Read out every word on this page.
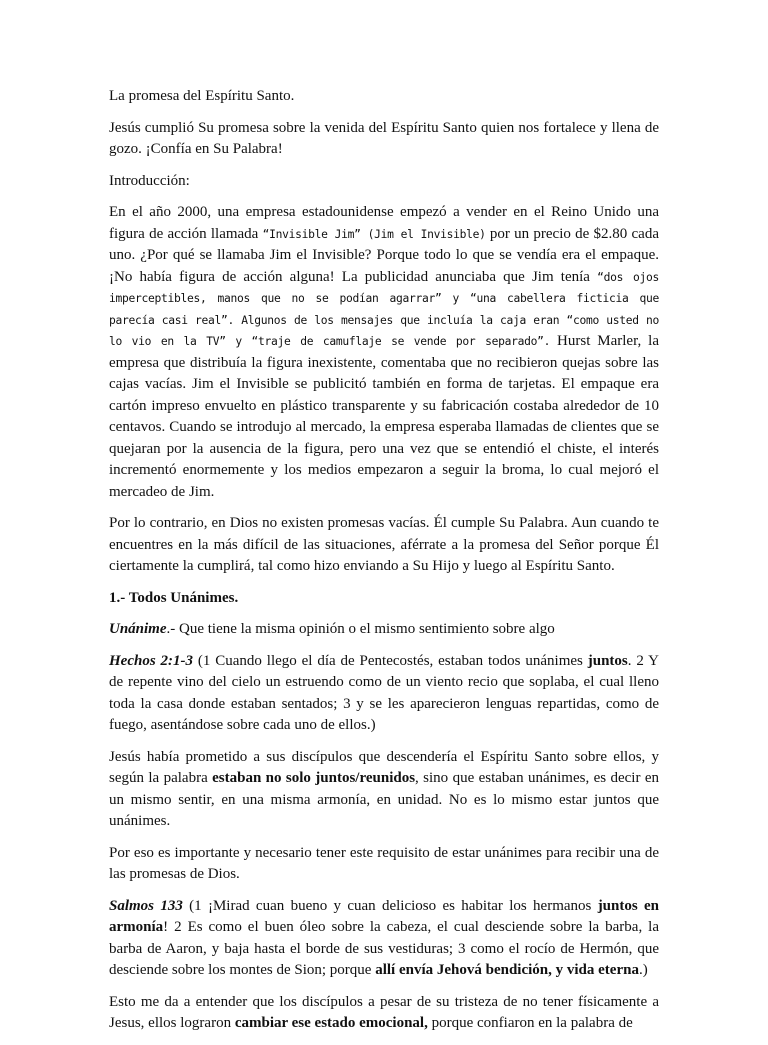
La promesa del Espíritu Santo.

Jesús cumplió Su promesa sobre la venida del Espíritu Santo quien nos fortalece y llena de gozo. ¡Confía en Su Palabra!

Introducción:

En el año 2000, una empresa estadounidense empezó a vender en el Reino Unido una figura de acción llamada “Invisible Jim” (Jim el Invisible) por un precio de $2.80 cada uno. ¿Por qué se llamaba Jim el Invisible? Porque todo lo que se vendía era el empaque. ¡No había figura de acción alguna! La publicidad anunciaba que Jim tenía “dos ojos imperceptibles, manos que no se podían agarrar” y “una cabellera ficticia que parecía casi real”. Algunos de los mensajes que incluía la caja eran “como usted no lo vio en la TV” y “traje de camuflaje se vende por separado”. Hurst Marler, la empresa que distribuía la figura inexistente, comentaba que no recibieron quejas sobre las cajas vacías. Jim el Invisible se publicitó también en forma de tarjetas. El empaque era cartón impreso envuelto en plástico transparente y su fabricación costaba alrededor de 10 centavos. Cuando se introdujo al mercado, la empresa esperaba llamadas de clientes que se quejaran por la ausencia de la figura, pero una vez que se entendió el chiste, el interés incrementó enormemente y los medios empezaron a seguir la broma, lo cual mejoró el mercadeo de Jim.

Por lo contrario, en Dios no existen promesas vacías. Él cumple Su Palabra. Aun cuando te encuentres en la más difícil de las situaciones, aférrate a la promesa del Señor porque Él ciertamente la cumplirá, tal como hizo enviando a Su Hijo y luego al Espíritu Santo.

1.- Todos Unánimes.

Unánime.- Que tiene la misma opinión o el mismo sentimiento sobre algo

Hechos 2:1-3 (1 Cuando llego el día de Pentecostés, estaban todos unánimes juntos. 2 Y de repente vino del cielo un estruendo como de un viento recio que soplaba, el cual lleno toda la casa donde estaban sentados; 3 y se les aparecieron lenguas repartidas, como de fuego, asentándose sobre cada uno de ellos.)

Jesús había prometido a sus discípulos que descendería el Espíritu Santo sobre ellos, y según la palabra estaban no solo juntos/reunidos, sino que estaban unánimes, es decir en un mismo sentir, en una misma armonía, en unidad. No es lo mismo estar juntos que unánimes.

Por eso es importante y necesario tener este requisito de estar unánimes para recibir una de las promesas de Dios.

Salmos 133 (1 ¡Mirad cuan bueno y cuan delicioso es habitar los hermanos juntos en armonía! 2 Es como el buen óleo sobre la cabeza, el cual desciende sobre la barba, la barba de Aaron, y baja hasta el borde de sus vestiduras; 3 como el rocío de Hermón, que desciende sobre los montes de Sion; porque allí envía Jehová bendición, y vida eterna.)

Esto me da a entender que los discípulos a pesar de su tristeza de no tener físicamente a Jesus, ellos lograron cambiar ese estado emocional, porque confiaron en la palabra de
